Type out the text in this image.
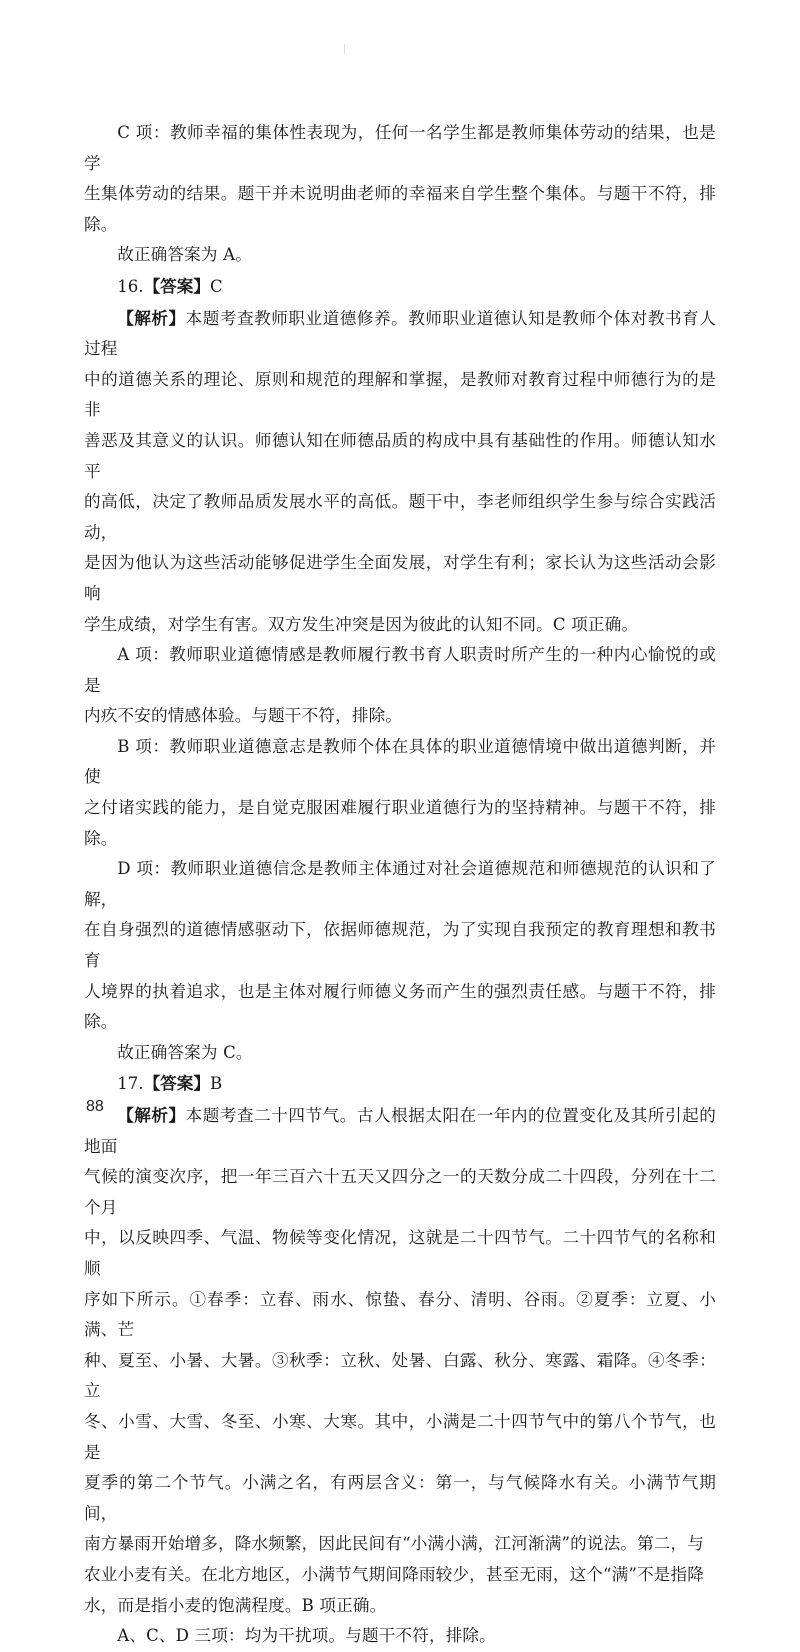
C 项：教师幸福的集体性表现为，任何一名学生都是教师集体劳动的结果，也是学
生集体劳动的结果。题干并未说明曲老师的幸福来自学生整个集体。与题干不符，排除。

故正确答案为 A。

16.【答案】C

【解析】本题考查教师职业道德修养。教师职业道德认知是教师个体对教书育人过程
中的道德关系的理论、原则和规范的理解和掌握，是教师对教育过程中师德行为的是非
善恶及其意义的认识。师德认知在师德品质的构成中具有基础性的作用。师德认知水平
的高低，决定了教师品质发展水平的高低。题干中，李老师组织学生参与综合实践活动，
是因为他认为这些活动能够促进学生全面发展，对学生有利；家长认为这些活动会影响
学生成绩，对学生有害。双方发生冲突是因为彼此的认知不同。C 项正确。

A 项：教师职业道德情感是教师履行教书育人职责时所产生的一种内心愉悦的或是
内疚不安的情感体验。与题干不符，排除。

B 项：教师职业道德意志是教师个体在具体的职业道德情境中做出道德判断，并使
之付诸实践的能力，是自觉克服困难履行职业道德行为的坚持精神。与题干不符，排除。

D 项：教师职业道德信念是教师主体通过对社会道德规范和师德规范的认识和了解，
在自身强烈的道德情感驱动下，依据师德规范，为了实现自我预定的教育理想和教书育
人境界的执着追求，也是主体对履行师德义务而产生的强烈责任感。与题干不符，排除。

故正确答案为 C。

17.【答案】B

【解析】本题考查二十四节气。古人根据太阳在一年内的位置变化及其所引起的地面
气候的演变次序，把一年三百六十五天又四分之一的天数分成二十四段，分列在十二个月
中，以反映四季、气温、物候等变化情况，这就是二十四节气。二十四节气的名称和顺
序如下所示。①春季：立春、雨水、惊蛰、春分、清明、谷雨。②夏季：立夏、小满、芒
种、夏至、小暑、大暑。③秋季：立秋、处暑、白露、秋分、寒露、霜降。④冬季：立
冬、小雪、大雪、冬至、小寒、大寒。其中，小满是二十四节气中的第八个节气，也是
夏季的第二个节气。小满之名，有两层含义：第一，与气候降水有关。小满节气期间，
南方暴雨开始增多，降水频繁，因此民间有“小满小满，江河渐满”的说法。第二，与
农业小麦有关。在北方地区，小满节气期间降雨较少，甚至无雨，这个“满”不是指降
水，而是指小麦的饱满程度。B 项正确。

A、C、D 三项：均为干扰项。与题干不符，排除。

88
